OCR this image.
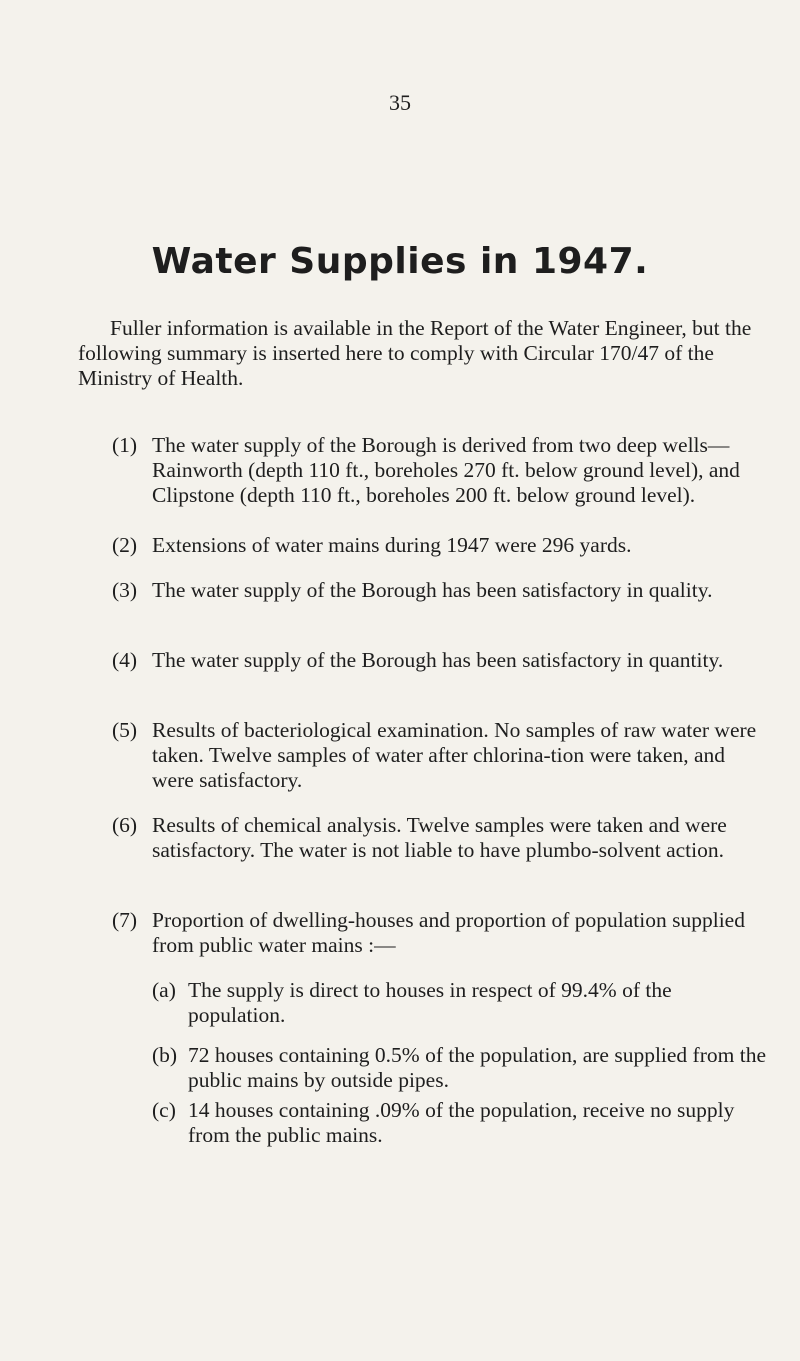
35
Water Supplies in 1947.
Fuller information is available in the Report of the Water Engineer, but the following summary is inserted here to comply with Circular 170/47 of the Ministry of Health.
(1) The water supply of the Borough is derived from two deep wells—Rainworth (depth 110 ft., boreholes 270 ft. below ground level), and Clipstone (depth 110 ft., boreholes 200 ft. below ground level).
(2) Extensions of water mains during 1947 were 296 yards.
(3) The water supply of the Borough has been satisfactory in quality.
(4) The water supply of the Borough has been satisfactory in quantity.
(5) Results of bacteriological examination. No samples of raw water were taken. Twelve samples of water after chlorina-tion were taken, and were satisfactory.
(6) Results of chemical analysis. Twelve samples were taken and were satisfactory. The water is not liable to have plumbo-solvent action.
(7) Proportion of dwelling-houses and proportion of population supplied from public water mains :—
(a) The supply is direct to houses in respect of 99.4% of the population.
(b) 72 houses containing 0.5% of the population, are supplied from the public mains by outside pipes.
(c) 14 houses containing .09% of the population, receive no supply from the public mains.
